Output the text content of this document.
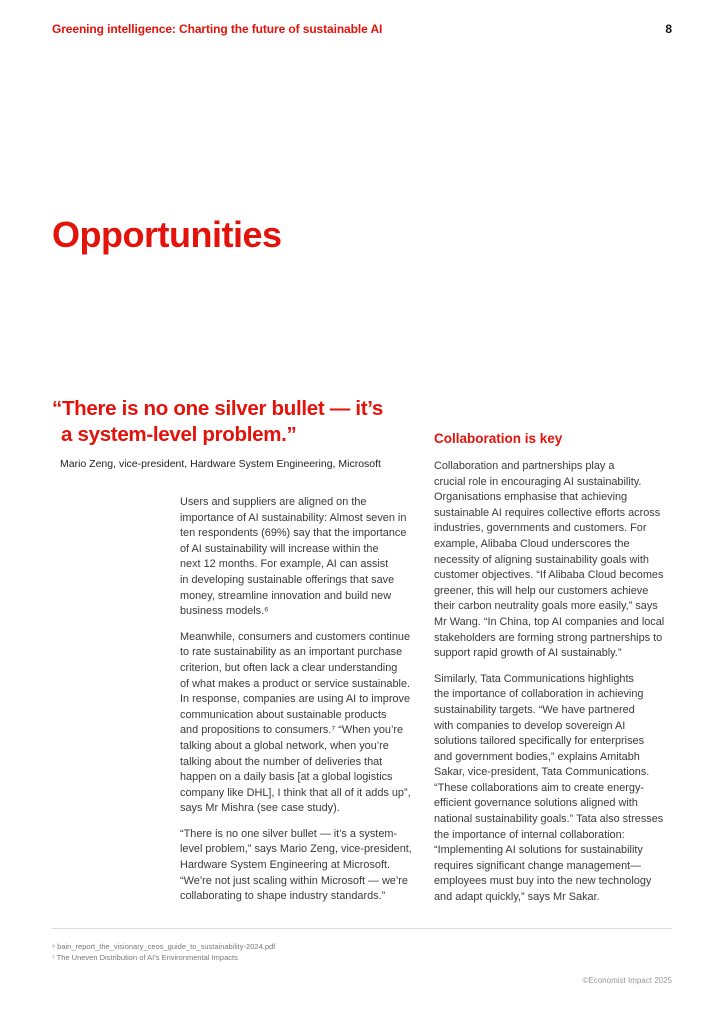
Greening intelligence: Charting the future of sustainable AI	8
Opportunities
“There is no one silver bullet — it’s
a system-level problem.”
Mario Zeng, vice-president, Hardware System Engineering, Microsoft

Users and suppliers are aligned on the
importance of AI sustainability: Almost seven in
ten respondents (69%) say that the importance
of AI sustainability will increase within the
next 12 months. For example, AI can assist
in developing sustainable offerings that save
money, streamline innovation and build new
business models.⁶

Meanwhile, consumers and customers continue
to rate sustainability as an important purchase
criterion, but often lack a clear understanding
of what makes a product or service sustainable.
In response, companies are using AI to improve
communication about sustainable products
and propositions to consumers.⁷ “When you’re
talking about a global network, when you’re
talking about the number of deliveries that
happen on a daily basis [at a global logistics
company like DHL], I think that all of it adds up”,
says Mr Mishra (see case study).

“There is no one silver bullet — it’s a system-
level problem,” says Mario Zeng, vice-president,
Hardware System Engineering at Microsoft.
“We’re not just scaling within Microsoft — we’re
collaborating to shape industry standards.”

Collaboration is key

Collaboration and partnerships play a
crucial role in encouraging AI sustainability.
Organisations emphasise that achieving
sustainable AI requires collective efforts across
industries, governments and customers. For
example, Alibaba Cloud underscores the
necessity of aligning sustainability goals with
customer objectives. “If Alibaba Cloud becomes
greener, this will help our customers achieve
their carbon neutrality goals more easily,” says
Mr Wang. “In China, top AI companies and local
stakeholders are forming strong partnerships to
support rapid growth of AI sustainably.”

Similarly, Tata Communications highlights
the importance of collaboration in achieving
sustainability targets. “We have partnered
with companies to develop sovereign AI
solutions tailored specifically for enterprises
and government bodies,” explains Amitabh
Sakar, vice-president, Tata Communications.
“These collaborations aim to create energy-
efficient governance solutions aligned with
national sustainability goals.” Tata also stresses
the importance of internal collaboration:
“Implementing AI solutions for sustainability
requires significant change management—
employees must buy into the new technology
and adapt quickly,” says Mr Sakar.

⁶ bain_report_the_visionary_ceos_guide_to_sustainability-2024.pdf
⁷ The Uneven Distribution of AI’s Environmental Impacts
©Economist Impact 2025
